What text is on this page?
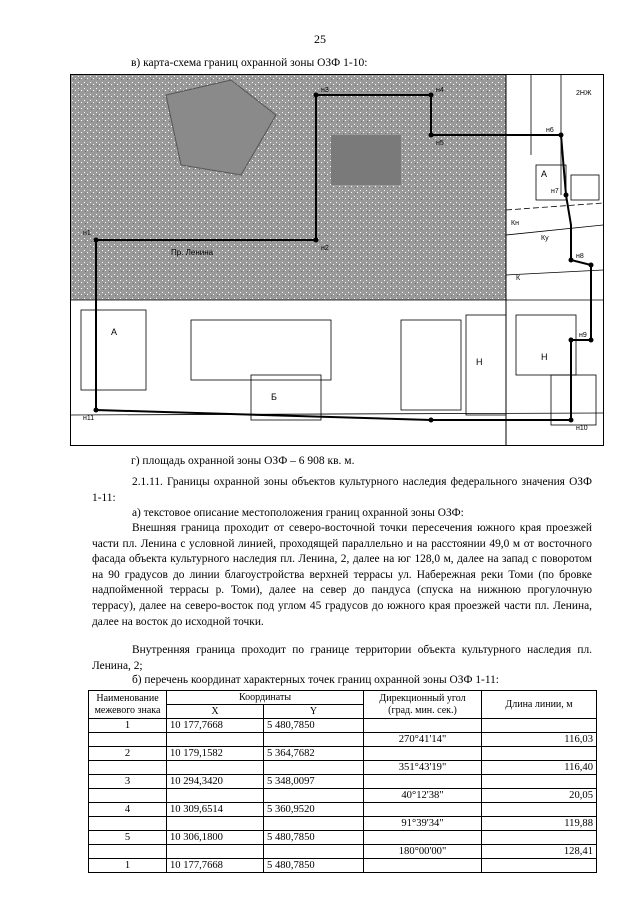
25
в) карта-схема границ охранной зоны ОЗФ 1-10:
н1
н2
н3	н4
н5
н6
н7
н8
н9
н10
н11
Пр. Ленина
А
А
Н
Н
Б
К
Ку
Кн
2НЖ
г) площадь охранной зоны ОЗФ – 6 908 кв. м.

2.1.11. Границы охранной зоны объектов культурного наследия федерального значения ОЗФ 1-11:

а) текстовое описание местоположения границ охранной зоны ОЗФ:

Внешняя граница проходит от северо-восточной точки пересечения южного края проезжей части пл. Ленина с условной линией, проходящей параллельно и на расстоянии 49,0 м от восточного фасада объекта культурного наследия пл. Ленина, 2, далее на юг 128,0 м, далее на запад с поворотом на 90 градусов до линии благоустройства верхней террасы ул. Набережная реки Томи (по бровке надпойменной террасы р. Томи), далее на север до пандуса (спуска на нижнюю прогулочную террасу), далее на северо-восток под углом 45 градусов до южного края проезжей части пл. Ленина, далее на восток до исходной точки.

Внутренняя граница проходит по границе территории объекта культурного наследия пл. Ленина, 2;

б) перечень координат характерных точек границ охранной зоны ОЗФ 1-11:

Наименование межевого знака	Координаты		Дирекционный угол (град. мин. сек.)	Длина линии, м
	X	Y		
1	10 177,7668	5 480,7850		
			270°41'14"	116,03
2	10 179,1582	5 364,7682		
			351°43'19"	116,40
3	10 294,3420	5 348,0097		
			40°12'38"	20,05
4	10 309,6514	5 360,9520		
			91°39'34"	119,88
5	10 306,1800	5 480,7850		
			180°00'00"	128,41
1	10 177,7668	5 480,7850		
